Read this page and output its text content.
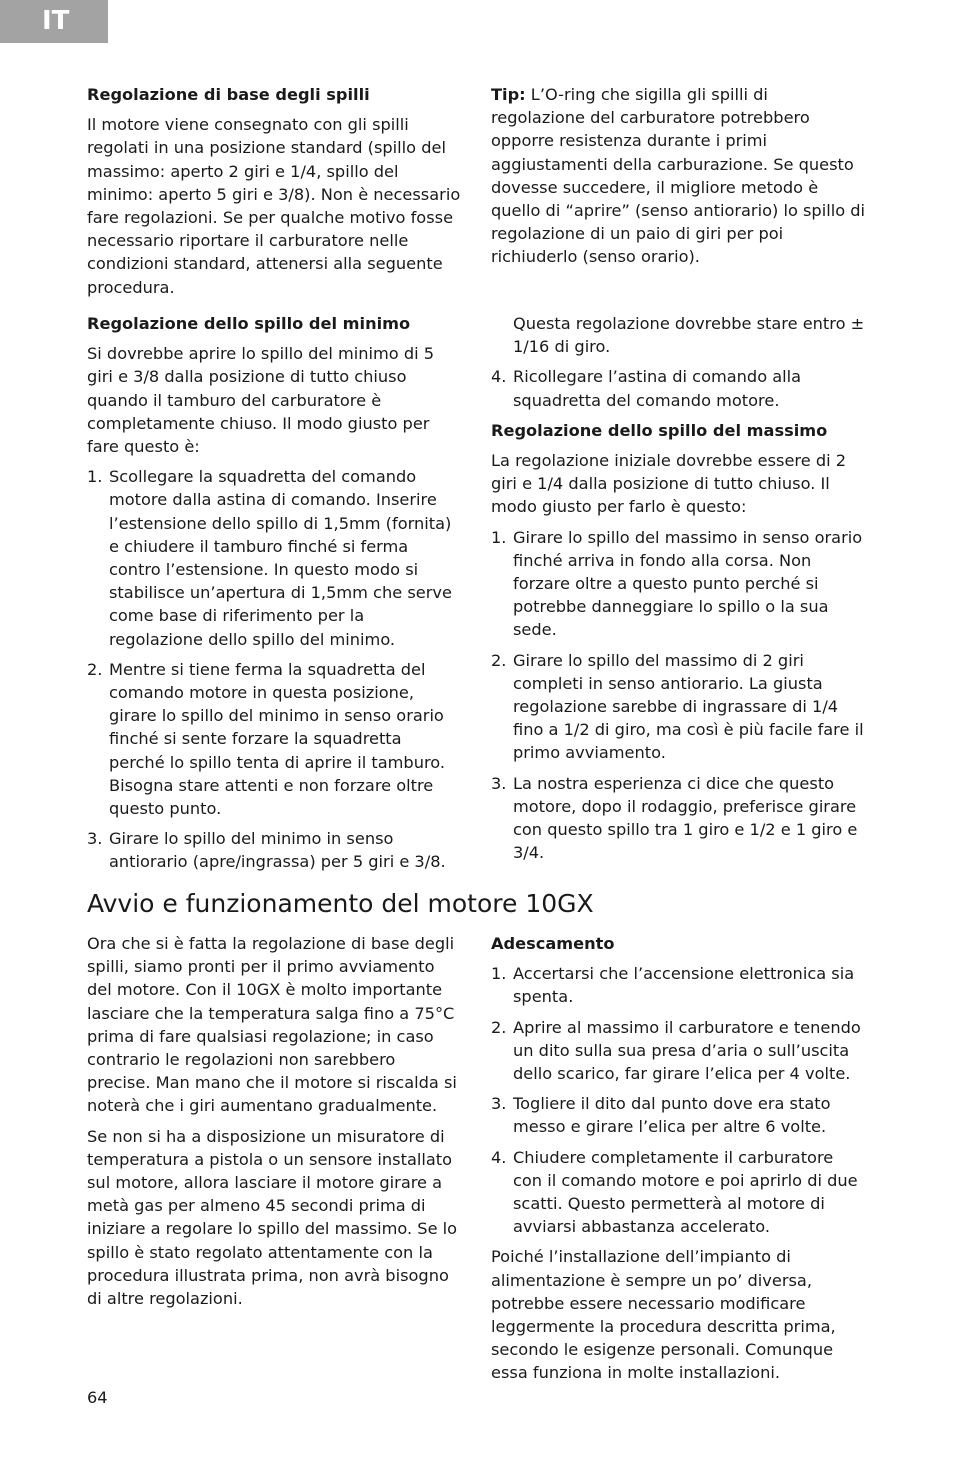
IT

Regolazione di base degli spilli

Il motore viene consegnato con gli spilli regolati in una posizione standard (spillo del massimo: aperto 2 giri e 1/4, spillo del minimo: aperto 5 giri e 3/8). Non è necessario fare regolazioni. Se per qualche motivo fosse necessario riportare il carburatore nelle condizioni standard, attenersi alla seguente procedura.

Tip: L’O-ring che sigilla gli spilli di regolazione del carburatore potrebbero opporre resistenza durante i primi aggiustamenti della carburazione. Se questo dovesse succedere, il migliore metodo è quello di “aprire” (senso antiorario) lo spillo di regolazione di un paio di giri per poi richiuderlo (senso orario).

Regolazione dello spillo del minimo

Si dovrebbe aprire lo spillo del minimo di 5 giri e 3/8 dalla posizione di tutto chiuso quando il tamburo del carburatore è completamente chiuso. Il modo giusto per fare questo è:

1. Scollegare la squadretta del comando motore dalla astina di comando. Inserire l’estensione dello spillo di 1,5mm (fornita) e chiudere il tamburo finché si ferma contro l’estensione. In questo modo si stabilisce un’apertura di 1,5mm che serve come base di riferimento per la regolazione dello spillo del minimo.
2. Mentre si tiene ferma la squadretta del comando motore in questa posizione, girare lo spillo del minimo in senso orario finché si sente forzare la squadretta perché lo spillo tenta di aprire il tamburo. Bisogna stare attenti e non forzare oltre questo punto.
3. Girare lo spillo del minimo in senso antiorario (apre/ingrassa) per 5 giri e 3/8.

Questa regolazione dovrebbe stare entro ± 1/16 di giro.

4. Ricollegare l’astina di comando alla squadretta del comando motore.

Regolazione dello spillo del massimo

La regolazione iniziale dovrebbe essere di 2 giri e 1/4 dalla posizione di tutto chiuso. Il modo giusto per farlo è questo:

1. Girare lo spillo del massimo in senso orario finché arriva in fondo alla corsa. Non forzare oltre a questo punto perché si potrebbe danneggiare lo spillo o la sua sede.
2. Girare lo spillo del massimo di 2 giri completi in senso antiorario. La giusta regolazione sarebbe di ingrassare di 1/4 fino a 1/2 di giro, ma così è più facile fare il primo avviamento.
3. La nostra esperienza ci dice che questo motore, dopo il rodaggio, preferisce girare con questo spillo tra 1 giro e 1/2 e 1 giro e 3/4.
Avvio e funzionamento del motore 10GX

Ora che si è fatta la regolazione di base degli spilli, siamo pronti per il primo avviamento del motore. Con il 10GX è molto importante lasciare che la temperatura salga fino a 75°C prima di fare qualsiasi regolazione; in caso contrario le regolazioni non sarebbero precise. Man mano che il motore si riscalda si noterà che i giri aumentano gradualmente.

Se non si ha a disposizione un misuratore di temperatura a pistola o un sensore installato sul motore, allora lasciare il motore girare a metà gas per almeno 45 secondi prima di iniziare a regolare lo spillo del massimo. Se lo spillo è stato regolato attentamente con la procedura illustrata prima, non avrà bisogno di altre regolazioni.

Adescamento

1. Accertarsi che l’accensione elettronica sia spenta.
2. Aprire al massimo il carburatore e tenendo un dito sulla sua presa d’aria o sull’uscita dello scarico, far girare l’elica per 4 volte.
3. Togliere il dito dal punto dove era stato messo e girare l’elica per altre 6 volte.
4. Chiudere completamente il carburatore con il comando motore e poi aprirlo di due scatti. Questo permetterà al motore di avviarsi abbastanza accelerato.

Poiché l’installazione dell’impianto di alimentazione è sempre un po’ diversa, potrebbe essere necessario modificare leggermente la procedura descritta prima, secondo le esigenze personali. Comunque essa funziona in molte installazioni.

64
